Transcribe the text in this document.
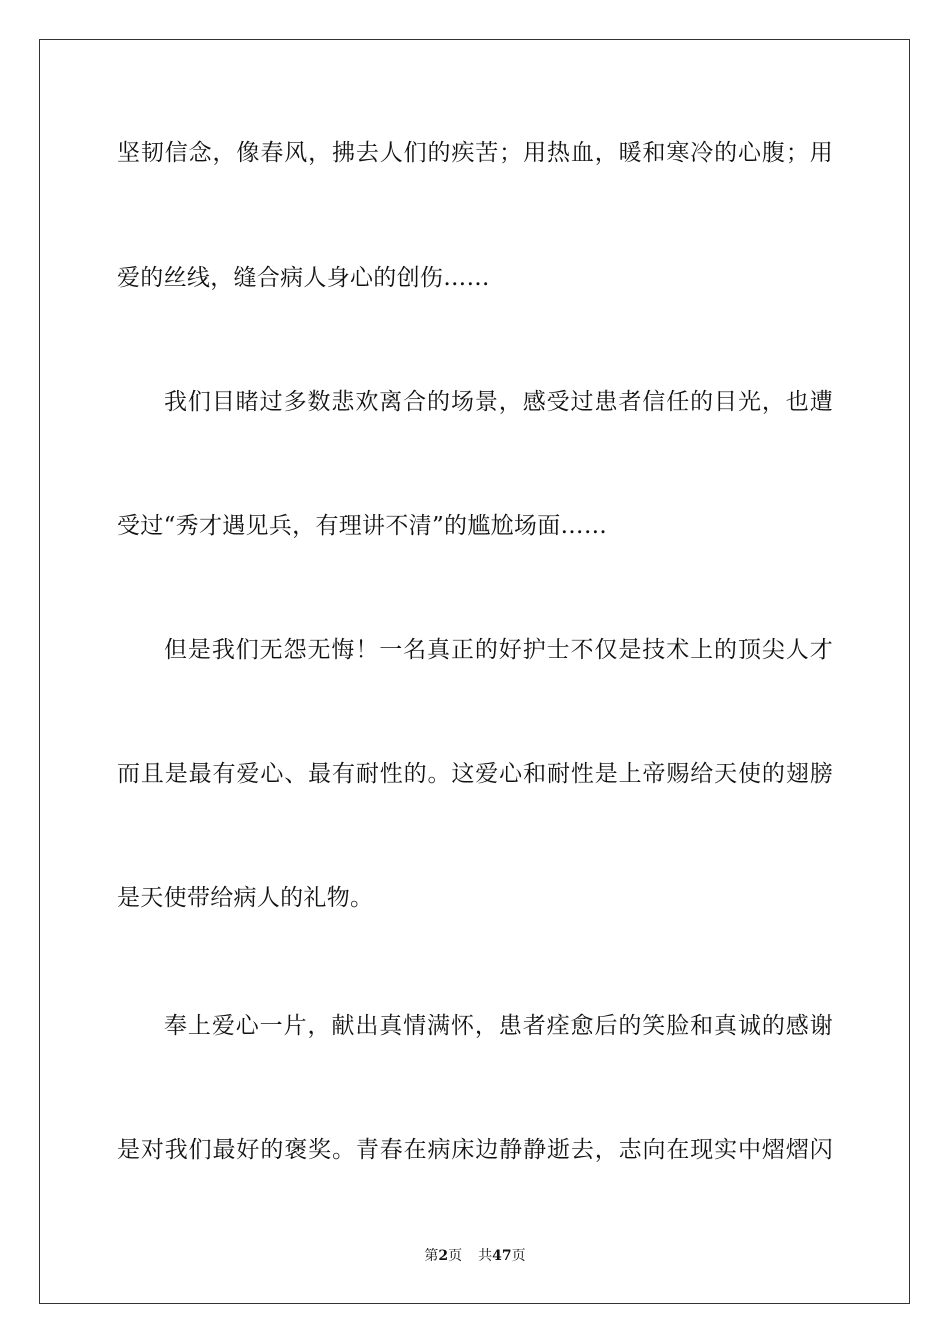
坚韧信念，像春风，拂去人们的疾苦；用热血，暖和寒冷的心腹；用
爱的丝线，缝合病人身心的创伤……
我们目睹过多数悲欢离合的场景，感受过患者信任的目光，也遭
受过“秀才遇见兵，有理讲不清”的尴尬场面……
但是我们无怨无悔！一名真正的好护士不仅是技术上的顶尖人才
而且是最有爱心、最有耐性的。这爱心和耐性是上帝赐给天使的翅膀
是天使带给病人的礼物。
奉上爱心一片，献出真情满怀，患者痊愈后的笑脸和真诚的感谢
是对我们最好的褒奖。青春在病床边静静逝去，志向在现实中熠熠闪
第2页 共47页
